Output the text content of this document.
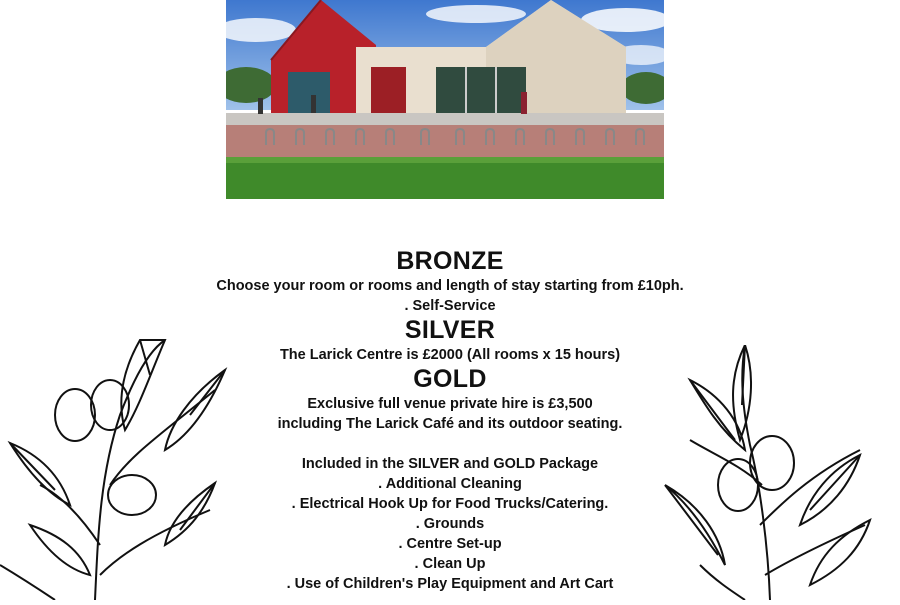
BRONZE

Choose your room or rooms and length of stay starting from £10ph.

. Self-Service

SILVER

The Larick Centre is £2000 (All rooms x 15 hours)

GOLD

Exclusive full venue private hire is £3,500

including The Larick Café and its outdoor seating.

Included in the SILVER and GOLD Package

. Additional Cleaning

. Electrical Hook Up for Food Trucks/Catering.

. Grounds

. Centre Set-up

. Clean Up

. Use of Children's Play Equipment and Art Cart
